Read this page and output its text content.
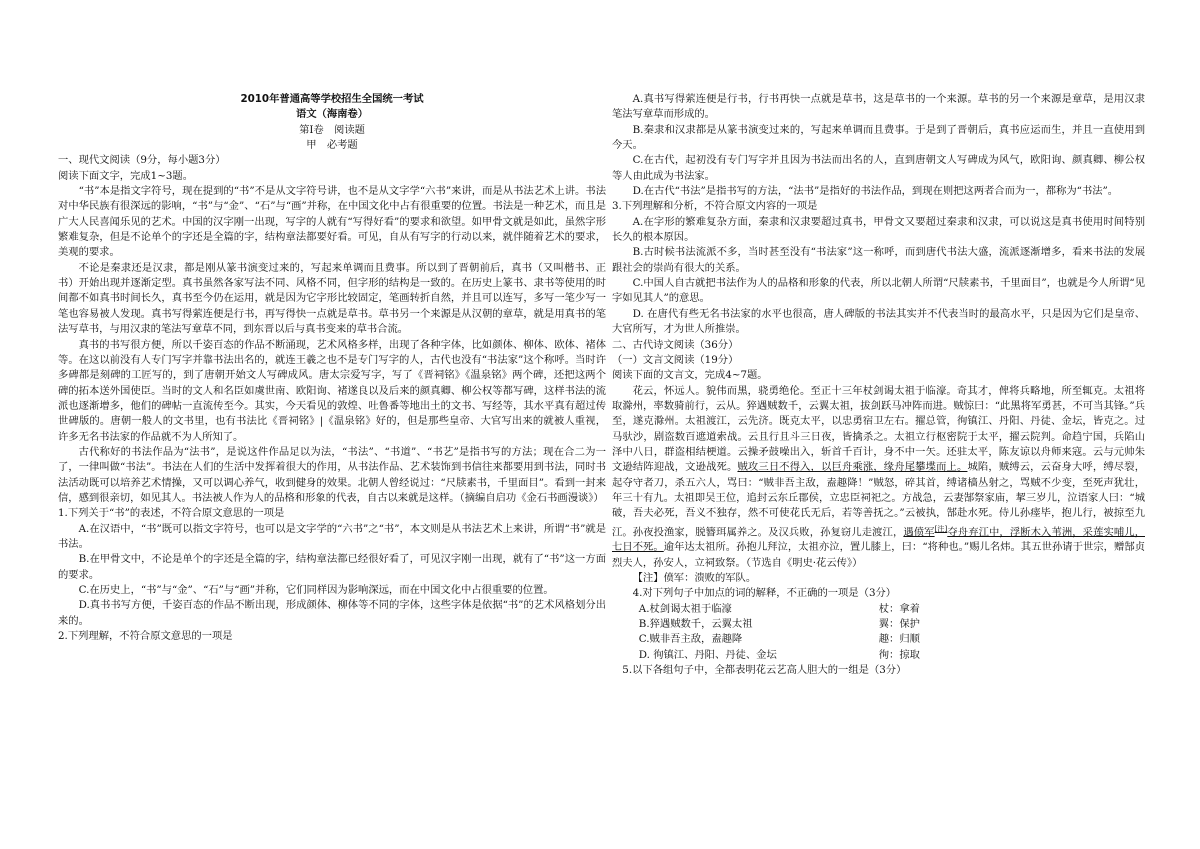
2010年普通高等学校招生全国统一考试

语文（海南卷）

第Ⅰ卷　阅读题

甲　必考题

一、现代文阅读（9分，每小题3分）

阅读下面文字，完成1~3题。

“书”本是指文字符号，现在提到的“书”不是从文字符号讲，也不是从文字学“六书”来讲，而是从书法艺术上讲。书法对中华民族有很深远的影响，“书”与“金”、“石”与“画”并称，在中国文化中占有很重要的位置。书法是一种艺术，而且是广大人民喜闻乐见的艺术。中国的汉字刚一出现，写字的人就有“写得好看”的要求和欲望。如甲骨文就是如此，虽然字形繁难复杂，但是不论单个的字还是全篇的字，结构章法都要好看。可见，自从有写字的行动以来，就伴随着艺术的要求，美观的要求。

不论是秦隶还是汉隶，都是刚从篆书演变过来的，写起来单调而且费事。所以到了晋朝前后，真书（又叫楷书、正书）开始出现并逐渐定型。真书虽然各家写法不同、风格不同，但字形的结构是一致的。在历史上篆书、隶书等使用的时间都不如真书时间长久，真书至今仍在运用，就是因为它字形比较固定，笔画转折自然，并且可以连写，多写一笔少写一笔也容易被人发现。真书写得萦连便是行书，再写得快一点就是草书。草书另一个来源是从汉朝的章草，就是用真书的笔法写草书，与用汉隶的笔法写章草不同，到东晋以后与真书变来的草书合流。

真书的书写很方便，所以千姿百态的作品不断涌现，艺术风格多样，出现了各种字体，比如颜体、柳体、欧体、褚体等。在这以前没有人专门写字并靠书法出名的，就连王羲之也不是专门写字的人，古代也没有“书法家”这个称呼。当时许多碑都是刻碑的工匠写的，到了唐朝开始文人写碑成风。唐太宗爱写字，写了《晋祠铭》《温泉铭》两个碑，还把这两个碑的拓本送外国使臣。当时的文人和名臣如虞世南、欧阳询、褚遂良以及后来的颜真卿、柳公权等都写碑，这样书法的流派也逐渐增多，他们的碑帖一直流传至今。其实，今天看见的敦煌、吐鲁番等地出土的文书、写经等，其水平真有超过传世碑版的。唐朝一般人的文书里，也有书法比《晋祠铭》|《温泉铭》好的，但是那些皇帝、大官写出来的就被人重视，许多无名书法家的作品就不为人所知了。

古代称好的书法作品为“法书”，是说这件作品足以为法，“书法”、“书道”、“书艺”是指书写的方法；现在合二为一了，一律叫做“书法”。书法在人们的生活中发挥着很大的作用，从书法作品、艺术装饰到书信往来都要用到书法，同时书法活动既可以培养艺术情操，又可以调心养气，收到健身的效果。北朝人曾经说过：“尺牍素书，千里面目”。看到一封来信，感到很亲切，如见其人。书法被人作为人的品格和形象的代表，自古以来就是这样。（摘编自启功《金石书画漫谈》）

1.下列关于“书”的表述，不符合原文意思的一项是

A.在汉语中，“书”既可以指文字符号，也可以是文字学的“六书”之“书”，本文则是从书法艺术上来讲，所谓“书”就是书法。

B.在甲骨文中，不论是单个的字还是全篇的字，结构章法都已经很好看了，可见汉字刚一出现，就有了“书”这一方面的要求。

C.在历史上，“书”与“金”、“石”与“画”并称，它们同样因为影响深远，而在中国文化中占很重要的位置。

D.真书书写方便，千姿百态的作品不断出现，形成颜体、柳体等不同的字体，这些字体是依据“书”的艺术风格划分出来的。

2.下列理解，不符合原文意思的一项是

A.真书写得萦连便是行书，行书再快一点就是草书，这是草书的一个来源。草书的另一个来源是章草，是用汉隶笔法写章草而形成的。

B.秦隶和汉隶都是从篆书演变过来的，写起来单调而且费事。于是到了晋朝后，真书应运而生，并且一直使用到今天。

C.在古代，起初没有专门写字并且因为书法而出名的人，直到唐朝文人写碑成为风气，欧阳询、颜真卿、柳公权等人由此成为书法家。

D.在古代“书法”是指书写的方法，“法书”是指好的书法作品，到现在则把这两者合而为一，都称为“书法”。

3.下列理解和分析，不符合原文内容的一项是

A.在字形的繁难复杂方面，秦隶和汉隶要超过真书，甲骨文又要超过秦隶和汉隶，可以说这是真书使用时间特别长久的根本原因。

B.古时候书法流派不多，当时甚至没有“书法家”这一称呼，而到唐代书法大盛，流派逐渐增多，看来书法的发展跟社会的崇尚有很大的关系。

C.中国人自古就把书法作为人的品格和形象的代表，所以北朝人所谓“尺牍素书，千里面目”，也就是今人所谓“见字如见其人”的意思。

D. 在唐代有些无名书法家的水平也很高，唐人碑版的书法其实并不代表当时的最高水平，只是因为它们是皇帝、大官所写，才为世人所推崇。

二、古代诗文阅读（36分）

（一）文言文阅读（19分）

阅读下面的文言文，完成4~7题。

花云，怀远人。貌伟而黑，骁勇绝伦。至正十三年杖剑谒太祖于临濠。奇其才，俾将兵略地，所至辄克。太祖将取滁州，率数骑前行，云从。猝遇贼数千，云翼太祖，拔剑跃马冲阵而进。贼惊曰：“此黑将军勇甚，不可当其锋。”兵至，遂克滁州。太祖渡江，云先济。既克太平，以忠勇宿卫左右。擢总管，徇镇江、丹阳、丹徒、金坛，皆克之。过马驮沙，剧盗数百遮道索战。云且行且斗三日夜，皆擒杀之。太祖立行枢密院于太平，擢云院判。命趋宁国，兵陷山泽中八日，群盗相结梗道。云操矛鼓噪出入，斩首千百计，身不中一矢。还驻太平，陈友谅以舟师来寇。云与元帅朱文逊结阵迎战，文逊战死。贼攻三日不得入，以巨舟乘涨，缘舟尾攀堞而上。城陷，贼缚云，云奋身大呼，缚尽裂，起夺守者刀，杀五六人，骂曰：“贼非吾主敌，盍趣降！”贼怒，碎其首，缚诸樯丛射之，骂贼不少变，至死声犹壮，年三十有九。太祖即吴王位，追封云东丘郡侯，立忠臣祠祀之。方战急，云妻郜祭家庙，挈三岁儿，泣语家人曰：“城破，吾夫必死，吾义不独存，然不可使花氏无后，若等善抚之。”云被执，郜赴水死。侍儿孙瘗毕，抱儿行，被掠至九江。孙夜投渔家，脱簪珥属养之。及汉兵败，孙复窃儿走渡江，遇偾军[注]夺舟弃江中，浮断木入苇洲，采莲实哺儿，七日不死。逾年达太祖所。孙抱儿拜泣，太祖亦泣，置儿膝上，曰：“将种也。”赐儿名炜。其五世孙请于世宗，赠郜贞烈夫人，孙安人，立祠致祭。（节选自《明史·花云传》）

【注】偾军：溃败的军队。

4.对下列句子中加点的词的解释，不正确的一项是（3分）

A.杖剑谒太祖于临濠	杖：拿着
B.猝遇贼数千，云翼太祖	翼：保护
C.贼非吾主敌，盍趣降	趣：归顺
D. 徇镇江、丹阳、丹徒、金坛	徇：掠取

5.以下各组句子中，全都表明花云艺高人胆大的一组是（3分）
